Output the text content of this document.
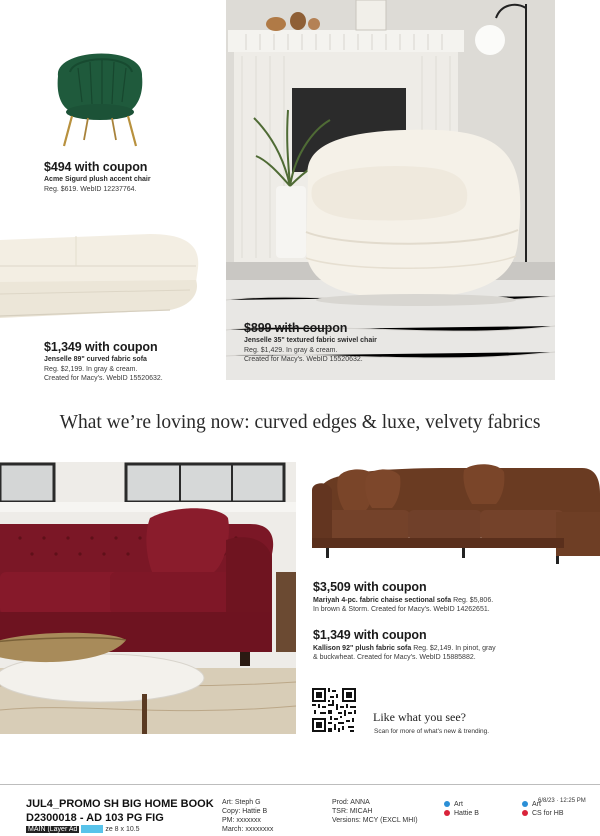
$494 with coupon
Acme Sigurd plush accent chair
Reg. $619. WebID 12237764.
$1,349 with coupon
Jenselle 89" curved fabric sofa
Reg. $2,199. In gray & cream.
Created for Macy's. WebID 15520632.
$899 with coupon
Jenselle 35" textured fabric swivel chair
Reg. $1,429. In gray & cream.
Created for Macy's. WebID 15520632.
What we’re loving now: curved edges & luxe, velvety fabrics
$3,509 with coupon
Mariyah 4-pc. fabric chaise sectional sofa Reg. $5,806.
In brown & Storm. Created for Macy's. WebID 14262651.
$1,349 with coupon
Kallison 92" plush fabric sofa Reg. $2,149. In pinot, gray
& buckwheat. Created for Macy's. WebID 15885882.
Like what you see?
Scan for more of what's new & trending.
JUL4_PROMO SH BIG HOME BOOK
D2300018 - AD 103 PG FIG
MAIN (Layer Ad	ze 8 x 10.5
Art: Steph G
Copy: Hattie B
PM: xxxxxxx
March: xxxxxxxx
Prod: ANNA
TSR: MICAH
Versions: MCY (EXCL MHI)
Art
Hattie B
6/8/23 · 12:25 PM
Art
CS for HB
